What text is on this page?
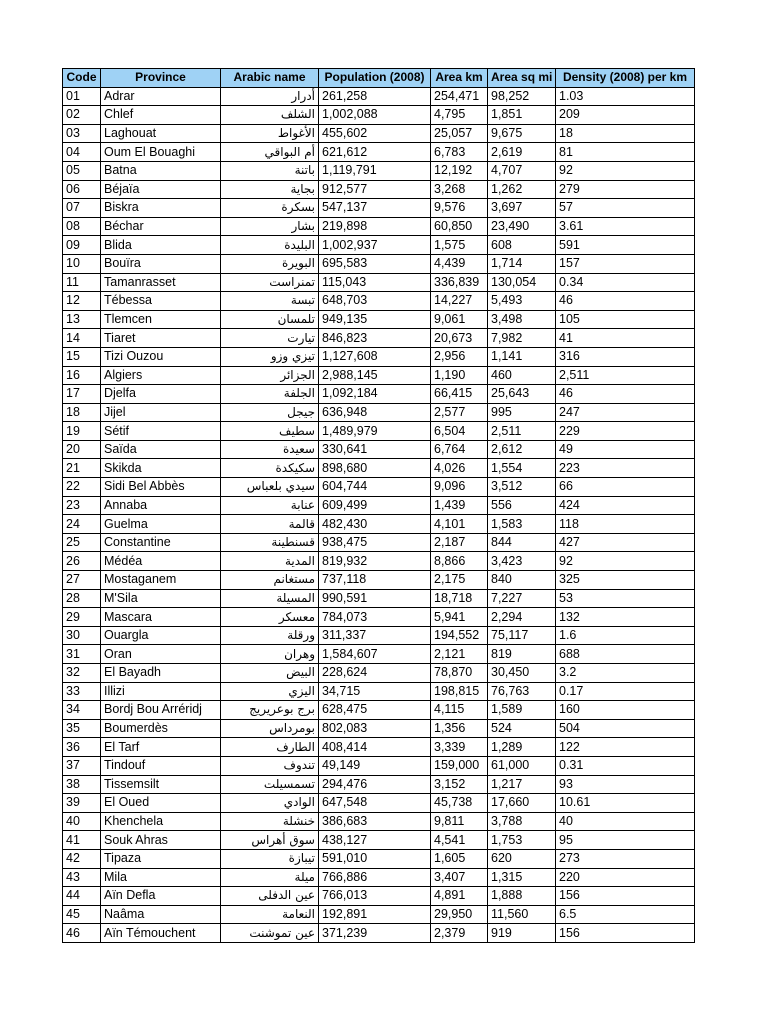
Code	Province	Arabic name	Population (2008)	Area km	Area sq mi	Density (2008) per km
01	Adrar	أدرار	261,258	254,471	98,252	1.03
02	Chlef	الشلف	1,002,088	4,795	1,851	209
03	Laghouat	الأغواط	455,602	25,057	9,675	18
04	Oum El Bouaghi	أم البواقي	621,612	6,783	2,619	81
05	Batna	باتنة	1,119,791	12,192	4,707	92
06	Béjaïa	بجاية	912,577	3,268	1,262	279
07	Biskra	بسكرة	547,137	9,576	3,697	57
08	Béchar	بشار	219,898	60,850	23,490	3.61
09	Blida	البليدة	1,002,937	1,575	608	591
10	Bouïra	البويرة	695,583	4,439	1,714	157
11	Tamanrasset	تمنراست	115,043	336,839	130,054	0.34
12	Tébessa	تبسة	648,703	14,227	5,493	46
13	Tlemcen	تلمسان	949,135	9,061	3,498	105
14	Tiaret	تيارت	846,823	20,673	7,982	41
15	Tizi Ouzou	تيزي وزو	1,127,608	2,956	1,141	316
16	Algiers	الجزائر	2,988,145	1,190	460	2,511
17	Djelfa	الجلفة	1,092,184	66,415	25,643	46
18	Jijel	جيجل	636,948	2,577	995	247
19	Sétif	سطيف	1,489,979	6,504	2,511	229
20	Saïda	سعيدة	330,641	6,764	2,612	49
21	Skikda	سكيكدة	898,680	4,026	1,554	223
22	Sidi Bel Abbès	سيدي بلعباس	604,744	9,096	3,512	66
23	Annaba	عنابة	609,499	1,439	556	424
24	Guelma	قالمة	482,430	4,101	1,583	118
25	Constantine	قسنطينة	938,475	2,187	844	427
26	Médéa	المدية	819,932	8,866	3,423	92
27	Mostaganem	مستغانم	737,118	2,175	840	325
28	M'Sila	المسيلة	990,591	18,718	7,227	53
29	Mascara	معسكر	784,073	5,941	2,294	132
30	Ouargla	ورقلة	311,337	194,552	75,117	1.6
31	Oran	وهران	1,584,607	2,121	819	688
32	El Bayadh	البيض	228,624	78,870	30,450	3.2
33	Illizi	اليزي	34,715	198,815	76,763	0.17
34	Bordj Bou Arréridj	برج بوعريريج	628,475	4,115	1,589	160
35	Boumerdès	بومرداس	802,083	1,356	524	504
36	El Tarf	الطارف	408,414	3,339	1,289	122
37	Tindouf	تندوف	49,149	159,000	61,000	0.31
38	Tissemsilt	تسمسيلت	294,476	3,152	1,217	93
39	El Oued	الوادي	647,548	45,738	17,660	10.61
40	Khenchela	خنشلة	386,683	9,811	3,788	40
41	Souk Ahras	سوق أهراس	438,127	4,541	1,753	95
42	Tipaza	تيبازة	591,010	1,605	620	273
43	Mila	ميلة	766,886	3,407	1,315	220
44	Aïn Defla	عين الدفلى	766,013	4,891	1,888	156
45	Naâma	النعامة	192,891	29,950	11,560	6.5
46	Aïn Témouchent	عين تموشنت	371,239	2,379	919	156
